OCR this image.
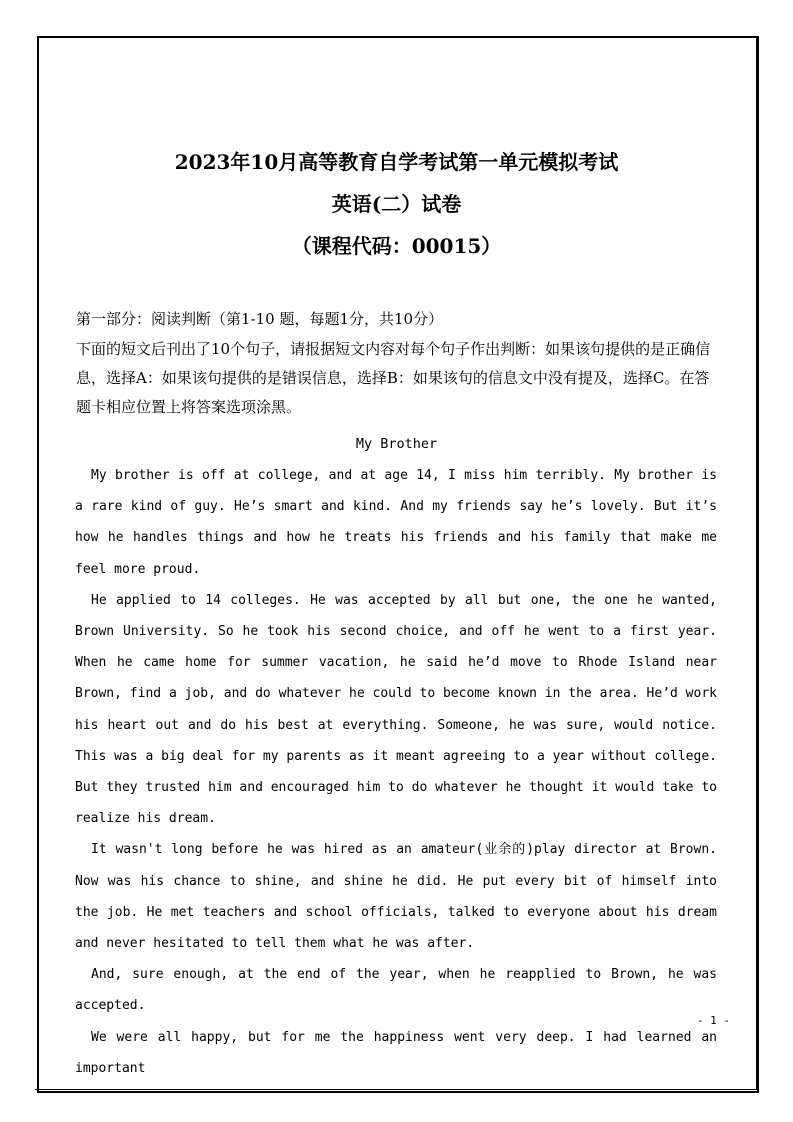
2023年10月高等教育自学考试第一单元模拟考试
英语(二）试卷
（课程代码：00015）
第一部分：阅读判断（第1-10 题，每题1分，共10分）
下面的短文后刊出了10个句子，请报据短文内容对每个句子作出判断：如果该句提供的是正确信息，选择A：如果该句提供的是错误信息，选择B：如果该句的信息文中没有提及，选择C。在答题卡相应位置上将答案选项涂黑。
My Brother

My brother is off at college, and at age 14, I miss him terribly. My brother is a rare kind of guy. He’s smart and kind. And my friends say he’s lovely. But it’s how he handles things and how he treats his friends and his family that make me feel more proud.

He applied to 14 colleges. He was accepted by all but one, the one he wanted, Brown University. So he took his second choice, and off he went to a first year. When he came home for summer vacation, he said he’d move to Rhode Island near Brown, find a job, and do whatever he could to become known in the area. He’d work his heart out and do his best at everything. Someone, he was sure, would notice. This was a big deal for my parents as it meant agreeing to a year without college. But they trusted him and encouraged him to do whatever he thought it would take to realize his dream.

It wasn't long before he was hired as an amateur(业余的)play director at Brown. Now was his chance to shine, and shine he did. He put every bit of himself into the job. He met teachers and school officials, talked to everyone about his dream and never hesitated to tell them what he was after.

And, sure enough, at the end of the year, when he reapplied to Brown, he was accepted.

We were all happy, but for me the happiness went very deep. I had learned an important

- 1 -
